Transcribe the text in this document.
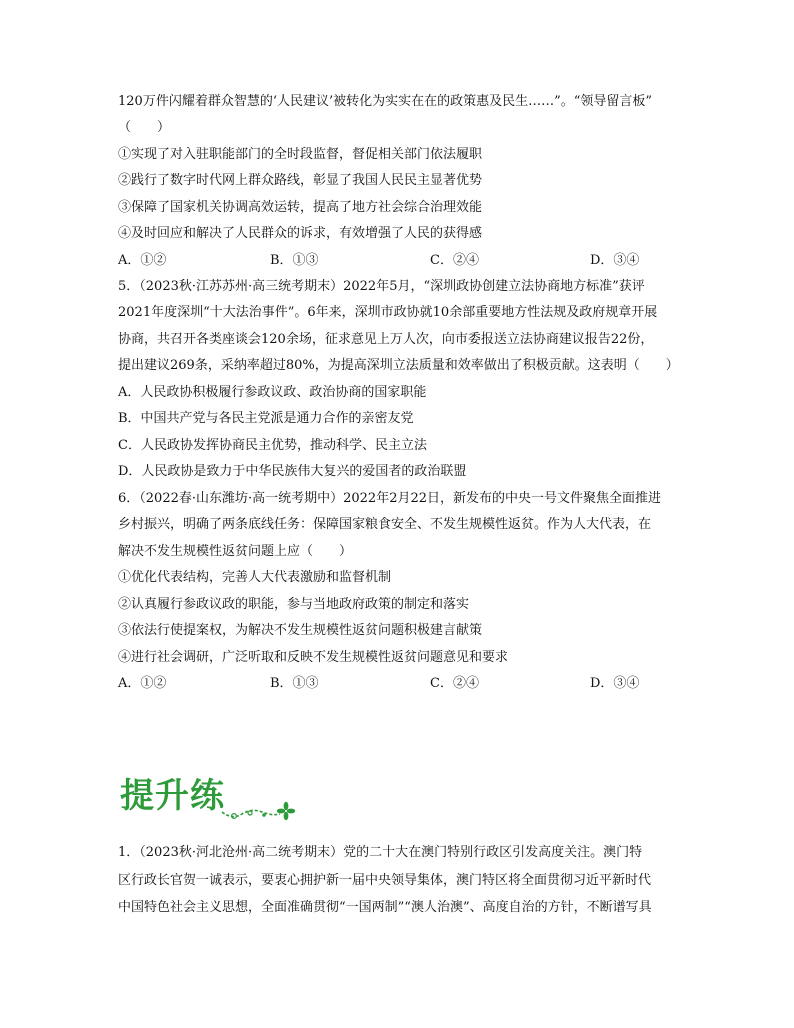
120万件闪耀着群众智慧的‘人民建议’被转化为实实在在的政策惠及民生……”。“领导留言板”
（　　）
①实现了对入驻职能部门的全时段监督，督促相关部门依法履职
②践行了数字时代网上群众路线，彰显了我国人民民主显著优势
③保障了国家机关协调高效运转，提高了地方社会综合治理效能
④及时回应和解决了人民群众的诉求，有效增强了人民的获得感
A．①②	B．①③	C．②④	D．③④
5．（2023秋·江苏苏州·高三统考期末）2022年5月，“深圳政协创建立法协商地方标准”获评
2021年度深圳“十大法治事件”。6年来，深圳市政协就10余部重要地方性法规及政府规章开展
协商，共召开各类座谈会120余场，征求意见上万人次，向市委报送立法协商建议报告22份，
提出建议269条，采纳率超过80%，为提高深圳立法质量和效率做出了积极贡献。这表明（　　）
A．人民政协积极履行参政议政、政治协商的国家职能
B．中国共产党与各民主党派是通力合作的亲密友党
C．人民政协发挥协商民主优势，推动科学、民主立法
D．人民政协是致力于中华民族伟大复兴的爱国者的政治联盟
6．（2022春·山东潍坊·高一统考期中）2022年2月22日，新发布的中央一号文件聚焦全面推进
乡村振兴，明确了两条底线任务：保障国家粮食安全、不发生规模性返贫。作为人大代表，在
解决不发生规模性返贫问题上应（　　）
①优化代表结构，完善人大代表激励和监督机制
②认真履行参政议政的职能，参与当地政府政策的制定和落实
③依法行使提案权，为解决不发生规模性返贫问题积极建言献策
④进行社会调研，广泛听取和反映不发生规模性返贫问题意见和要求
A．①②	B．①③	C．②④	D．③④
提升练
1．（2023秋·河北沧州·高二统考期末）党的二十大在澳门特别行政区引发高度关注。澳门特
区行政长官贺一诚表示，要衷心拥护新一届中央领导集体，澳门特区将全面贯彻习近平新时代
中国特色社会主义思想，全面准确贯彻“一国两制”“澳人治澳”、高度自治的方针，不断谱写具
